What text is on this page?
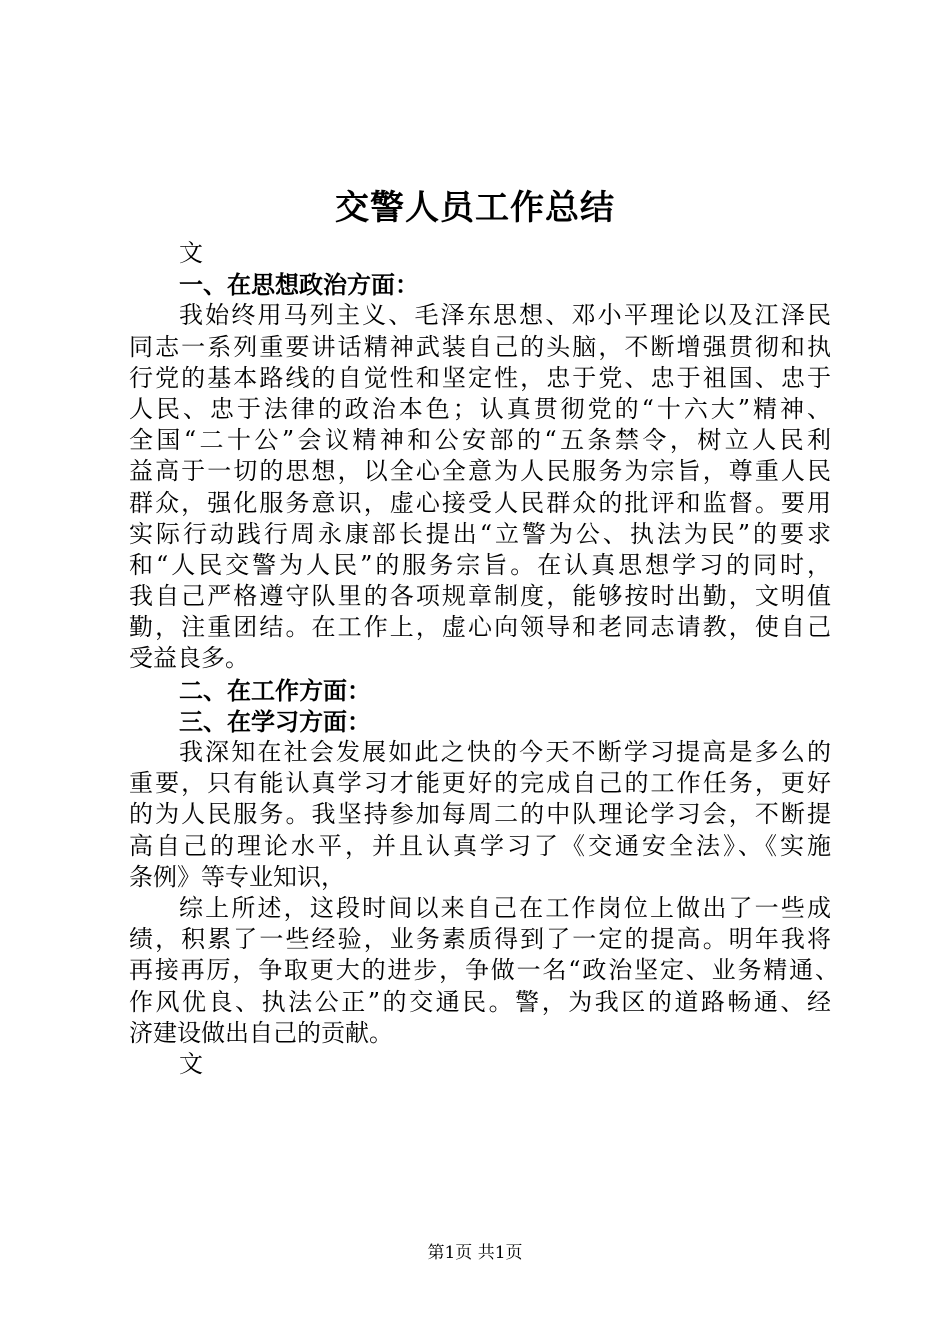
交警人员工作总结
文
一、在思想政治方面：
我始终用马列主义、毛泽东思想、邓小平理论以及江泽民
同志一系列重要讲话精神武装自己的头脑，不断增强贯彻和执
行党的基本路线的自觉性和坚定性，忠于党、忠于祖国、忠于
人民、忠于法律的政治本色；认真贯彻党的“十六大”精神、
全国“二十公”会议精神和公安部的“五条禁令，树立人民利
益高于一切的思想，以全心全意为人民服务为宗旨，尊重人民
群众，强化服务意识，虚心接受人民群众的批评和监督。要用
实际行动践行周永康部长提出“立警为公、执法为民”的要求
和“人民交警为人民”的服务宗旨。在认真思想学习的同时，
我自己严格遵守队里的各项规章制度，能够按时出勤，文明值
勤，注重团结。在工作上，虚心向领导和老同志请教，使自己
受益良多。
二、在工作方面：
三、在学习方面：
我深知在社会发展如此之快的今天不断学习提高是多么的
重要，只有能认真学习才能更好的完成自己的工作任务，更好
的为人民服务。我坚持参加每周二的中队理论学习会，不断提
高自己的理论水平，并且认真学习了《交通安全法》、《实施
条例》等专业知识，
综上所述，这段时间以来自己在工作岗位上做出了一些成
绩，积累了一些经验，业务素质得到了一定的提高。明年我将
再接再厉，争取更大的进步，争做一名“政治坚定、业务精通、
作风优良、执法公正”的交通民。警，为我区的道路畅通、经
济建设做出自己的贡献。
文
第1页 共1页
